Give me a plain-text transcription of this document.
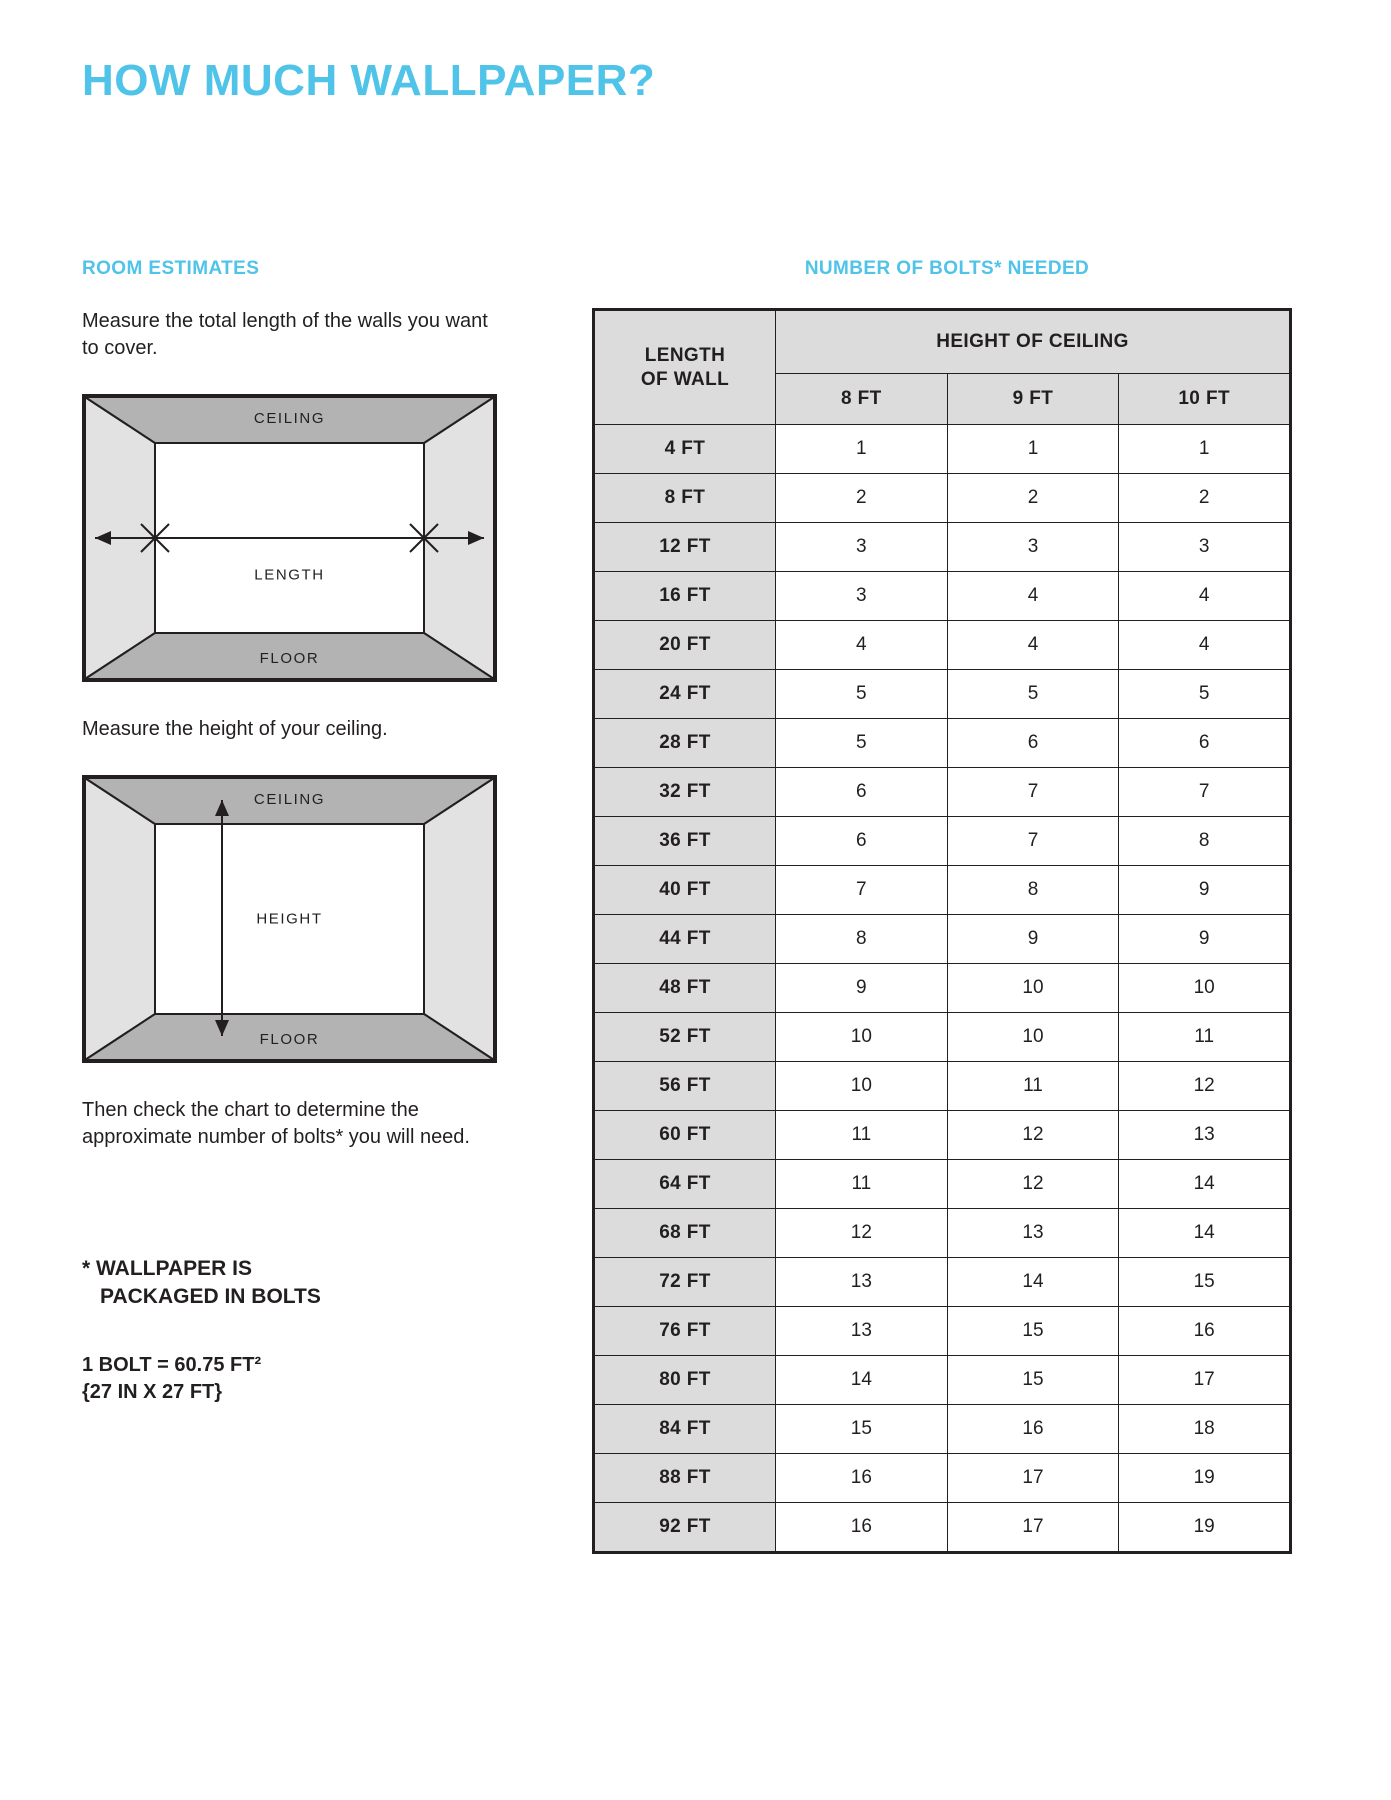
HOW MUCH WALLPAPER?
ROOM ESTIMATES

Measure the total length of the walls you want to cover.

CEILING
FLOOR
LENGTH

Measure the height of your ceiling.

CEILING
FLOOR
HEIGHT

Then check the chart to determine the approximate number of bolts* you will need.

* WALLPAPER IS

PACKAGED IN BOLTS

1 BOLT = 60.75 FT²

{27 IN X 27 FT}

NUMBER OF BOLTS* NEEDED
LENGTH
OF WALL	HEIGHT OF CEILING		
	8 FT	9 FT	10 FT
4 FT	1	1	1
8 FT	2	2	2
12 FT	3	3	3
16 FT	3	4	4
20 FT	4	4	4
24 FT	5	5	5
28 FT	5	6	6
32 FT	6	7	7
36 FT	6	7	8
40 FT	7	8	9
44 FT	8	9	9
48 FT	9	10	10
52 FT	10	10	11
56 FT	10	11	12
60 FT	11	12	13
64 FT	11	12	14
68 FT	12	13	14
72 FT	13	14	15
76 FT	13	15	16
80 FT	14	15	17
84 FT	15	16	18
88 FT	16	17	19
92 FT	16	17	19
